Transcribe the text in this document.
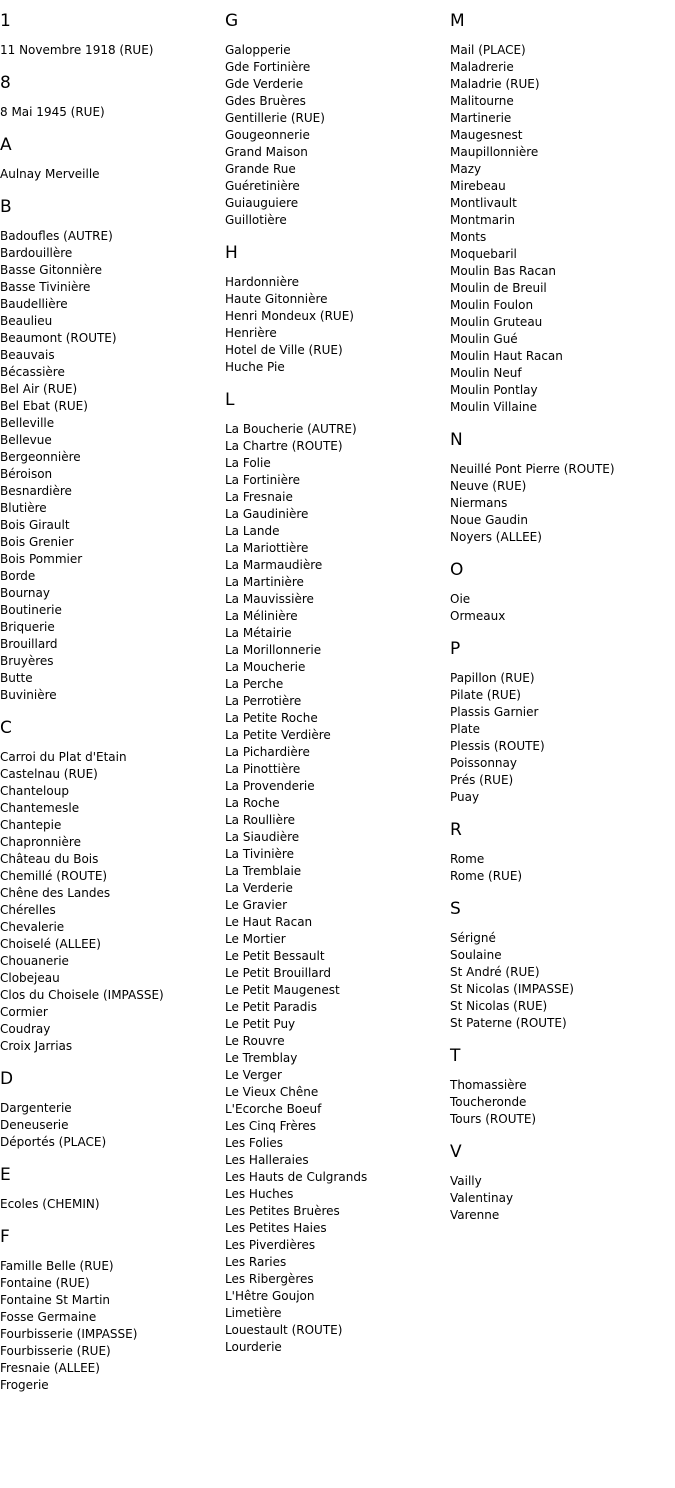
1
11 Novembre 1918 (RUE)
8
8 Mai 1945 (RUE)
A
Aulnay Merveille
B
Badoufles (AUTRE)
Bardouillère
Basse Gitonnière
Basse Tivinière
Baudellière
Beaulieu
Beaumont (ROUTE)
Beauvais
Bécassière
Bel Air (RUE)
Bel Ebat (RUE)
Belleville
Bellevue
Bergeonnière
Béroison
Besnardière
Blutière
Bois Girault
Bois Grenier
Bois Pommier
Borde
Bournay
Boutinerie
Briquerie
Brouillard
Bruyères
Butte
Buvinière
C
Carroi du Plat d'Etain
Castelnau (RUE)
Chanteloup
Chantemesle
Chantepie
Chapronnière
Château du Bois
Chemillé (ROUTE)
Chêne des Landes
Chérelles
Chevalerie
Choiselé (ALLEE)
Chouanerie
Clobejeau
Clos du Choisele (IMPASSE)
Cormier
Coudray
Croix Jarrias
D
Dargenterie
Deneuserie
Déportés (PLACE)
E
Ecoles (CHEMIN)
F
Famille Belle (RUE)
Fontaine (RUE)
Fontaine St Martin
Fosse Germaine
Fourbisserie (IMPASSE)
Fourbisserie (RUE)
Fresnaie (ALLEE)
Frogerie
G
Galopperie
Gde Fortinière
Gde Verderie
Gdes Bruères
Gentillerie (RUE)
Gougeonnerie
Grand Maison
Grande Rue
Guéretinière
Guiauguiere
Guillotière
H
Hardonnière
Haute Gitonnière
Henri Mondeux (RUE)
Henrière
Hotel de Ville (RUE)
Huche Pie
L
La Boucherie (AUTRE)
La Chartre (ROUTE)
La Folie
La Fortinière
La Fresnaie
La Gaudinière
La Lande
La Mariottière
La Marmaudière
La Martinière
La Mauvissière
La Mélinière
La Métairie
La Morillonnerie
La Moucherie
La Perche
La Perrotière
La Petite Roche
La Petite Verdière
La Pichardière
La Pinottière
La Provenderie
La Roche
La Roullière
La Siaudière
La Tivinière
La Tremblaie
La Verderie
Le Gravier
Le Haut Racan
Le Mortier
Le Petit Bessault
Le Petit Brouillard
Le Petit Maugenest
Le Petit Paradis
Le Petit Puy
Le Rouvre
Le Tremblay
Le Verger
Le Vieux Chêne
L'Ecorche Boeuf
Les Cinq Frères
Les Folies
Les Halleraies
Les Hauts de Culgrands
Les Huches
Les Petites Bruères
Les Petites Haies
Les Piverdières
Les Raries
Les Ribergères
L'Hêtre Goujon
Limetière
Louestault (ROUTE)
Lourderie
M
Mail (PLACE)
Maladrerie
Maladrie (RUE)
Malitourne
Martinerie
Maugesnest
Maupillonnière
Mazy
Mirebeau
Montlivault
Montmarin
Monts
Moquebaril
Moulin Bas Racan
Moulin de Breuil
Moulin Foulon
Moulin Gruteau
Moulin Gué
Moulin Haut Racan
Moulin Neuf
Moulin Pontlay
Moulin Villaine
N
Neuillé Pont Pierre (ROUTE)
Neuve (RUE)
Niermans
Noue Gaudin
Noyers (ALLEE)
O
Oie
Ormeaux
P
Papillon (RUE)
Pilate (RUE)
Plassis Garnier
Plate
Plessis (ROUTE)
Poissonnay
Prés (RUE)
Puay
R
Rome
Rome (RUE)
S
Sérigné
Soulaine
St André (RUE)
St Nicolas (IMPASSE)
St Nicolas (RUE)
St Paterne (ROUTE)
T
Thomassière
Toucheronde
Tours (ROUTE)
V
Vailly
Valentinay
Varenne
